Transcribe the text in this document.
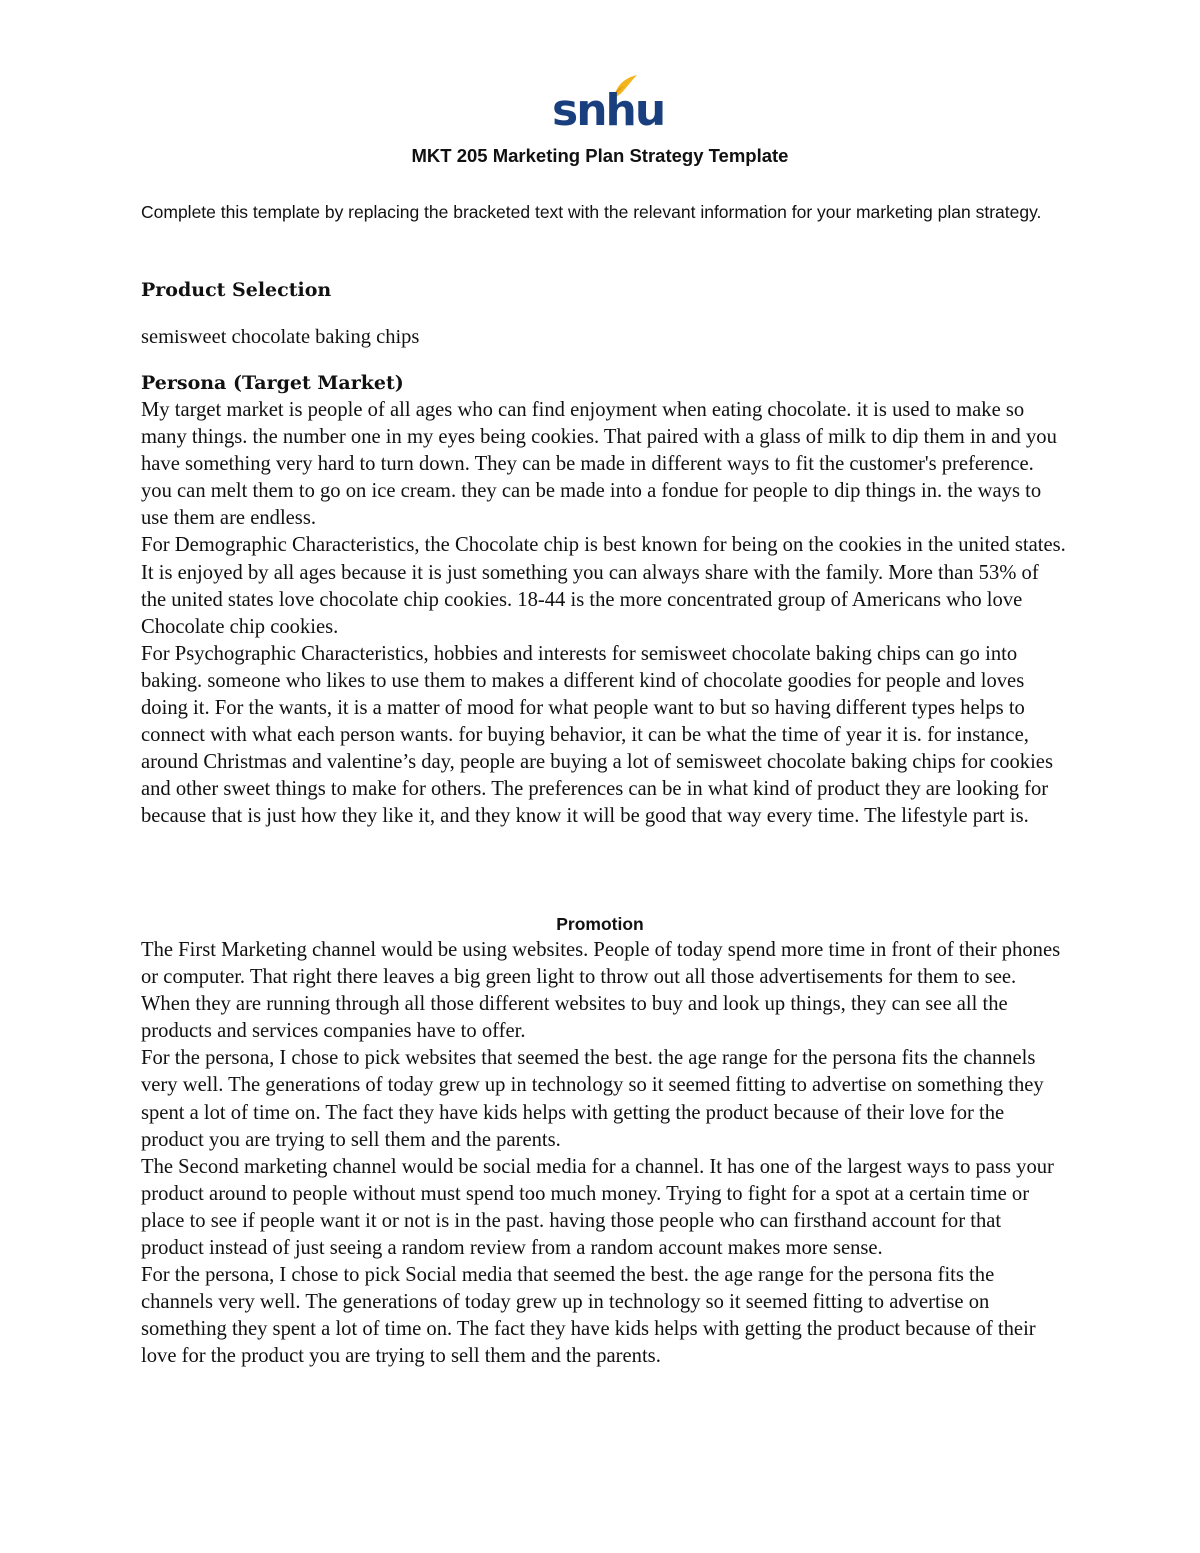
snhu
MKT 205 Marketing Plan Strategy Template

Complete this template by replacing the bracketed text with the relevant information for your marketing plan strategy.

Product Selection

semisweet chocolate baking chips

Persona (Target Market)

My target market is people of all ages who can find enjoyment when eating chocolate. it is used to make so many things. the number one in my eyes being cookies. That paired with a glass of milk to dip them in and you have something very hard to turn down. They can be made in different ways to fit the customer's preference. you can melt them to go on ice cream. they can be made into a fondue for people to dip things in. the ways to use them are endless.

For Demographic Characteristics, the Chocolate chip is best known for being on the cookies in the united states. It is enjoyed by all ages because it is just something you can always share with the family. More than 53% of the united states love chocolate chip cookies. 18-44 is the more concentrated group of Americans who love Chocolate chip cookies.

For Psychographic Characteristics, hobbies and interests for semisweet chocolate baking chips can go into baking. someone who likes to use them to makes a different kind of chocolate goodies for people and loves doing it. For the wants, it is a matter of mood for what people want to but so having different types helps to connect with what each person wants. for buying behavior, it can be what the time of year it is. for instance, around Christmas and valentine’s day, people are buying a lot of semisweet chocolate baking chips for cookies and other sweet things to make for others. The preferences can be in what kind of product they are looking for because that is just how they like it, and they know it will be good that way every time. The lifestyle part is.

Promotion

The First Marketing channel would be using websites. People of today spend more time in front of their phones or computer. That right there leaves a big green light to throw out all those advertisements for them to see. When they are running through all those different websites to buy and look up things, they can see all the products and services companies have to offer.

For the persona, I chose to pick websites that seemed the best. the age range for the persona fits the channels very well. The generations of today grew up in technology so it seemed fitting to advertise on something they spent a lot of time on. The fact they have kids helps with getting the product because of their love for the product you are trying to sell them and the parents.

The Second marketing channel would be social media for a channel. It has one of the largest ways to pass your product around to people without must spend too much money. Trying to fight for a spot at a certain time or place to see if people want it or not is in the past. having those people who can firsthand account for that product instead of just seeing a random review from a random account makes more sense.

For the persona, I chose to pick Social media that seemed the best. the age range for the persona fits the channels very well. The generations of today grew up in technology so it seemed fitting to advertise on something they spent a lot of time on. The fact they have kids helps with getting the product because of their love for the product you are trying to sell them and the parents.
